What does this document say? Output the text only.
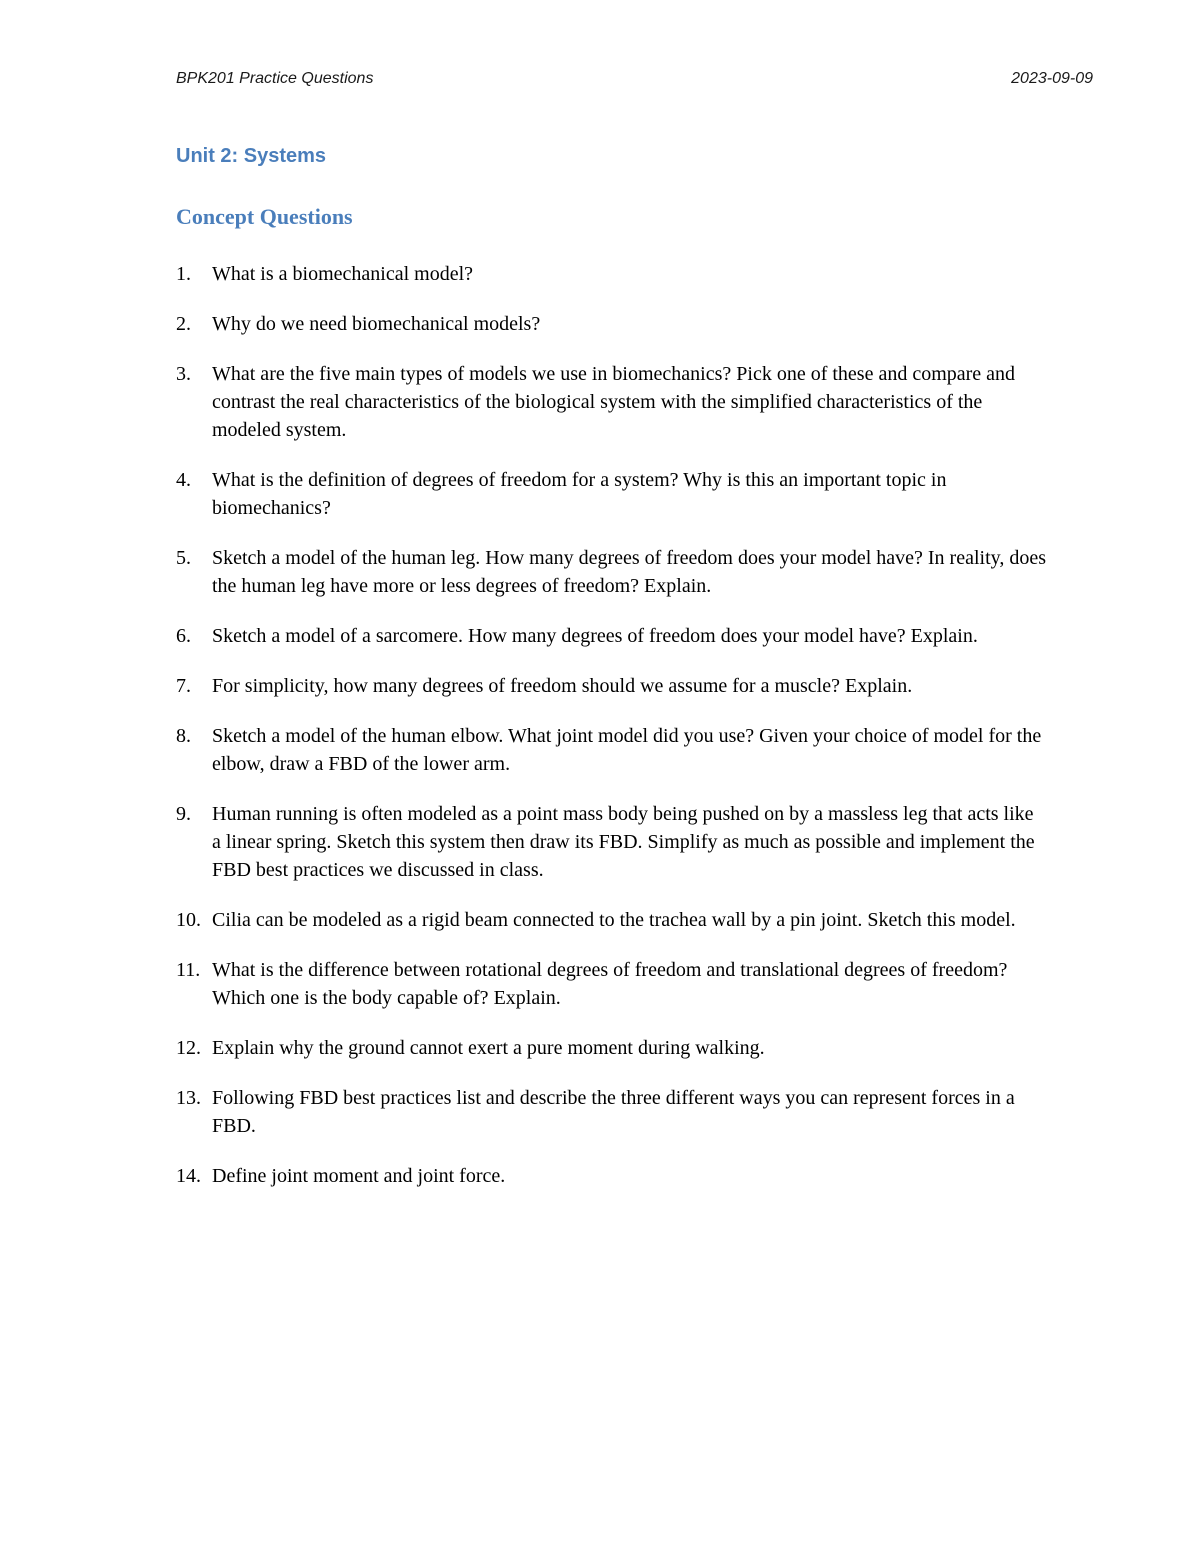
BPK201 Practice Questions	2023-09-09
Unit 2: Systems
Concept Questions
1.	What is a biomechanical model?
2.	Why do we need biomechanical models?
3.	What are the five main types of models we use in biomechanics? Pick one of these and compare and contrast the real characteristics of the biological system with the simplified characteristics of the modeled system.
4.	What is the definition of degrees of freedom for a system? Why is this an important topic in biomechanics?
5.	Sketch a model of the human leg. How many degrees of freedom does your model have? In reality, does the human leg have more or less degrees of freedom? Explain.
6.	Sketch a model of a sarcomere. How many degrees of freedom does your model have? Explain.
7.	For simplicity, how many degrees of freedom should we assume for a muscle? Explain.
8.	Sketch a model of the human elbow. What joint model did you use? Given your choice of model for the elbow, draw a FBD of the lower arm.
9.	Human running is often modeled as a point mass body being pushed on by a massless leg that acts like a linear spring. Sketch this system then draw its FBD. Simplify as much as possible and implement the FBD best practices we discussed in class.
10. Cilia can be modeled as a rigid beam connected to the trachea wall by a pin joint. Sketch this model.
11. What is the difference between rotational degrees of freedom and translational degrees of freedom? Which one is the body capable of? Explain.
12. Explain why the ground cannot exert a pure moment during walking.
13. Following FBD best practices list and describe the three different ways you can represent forces in a FBD.
14. Define joint moment and joint force.
